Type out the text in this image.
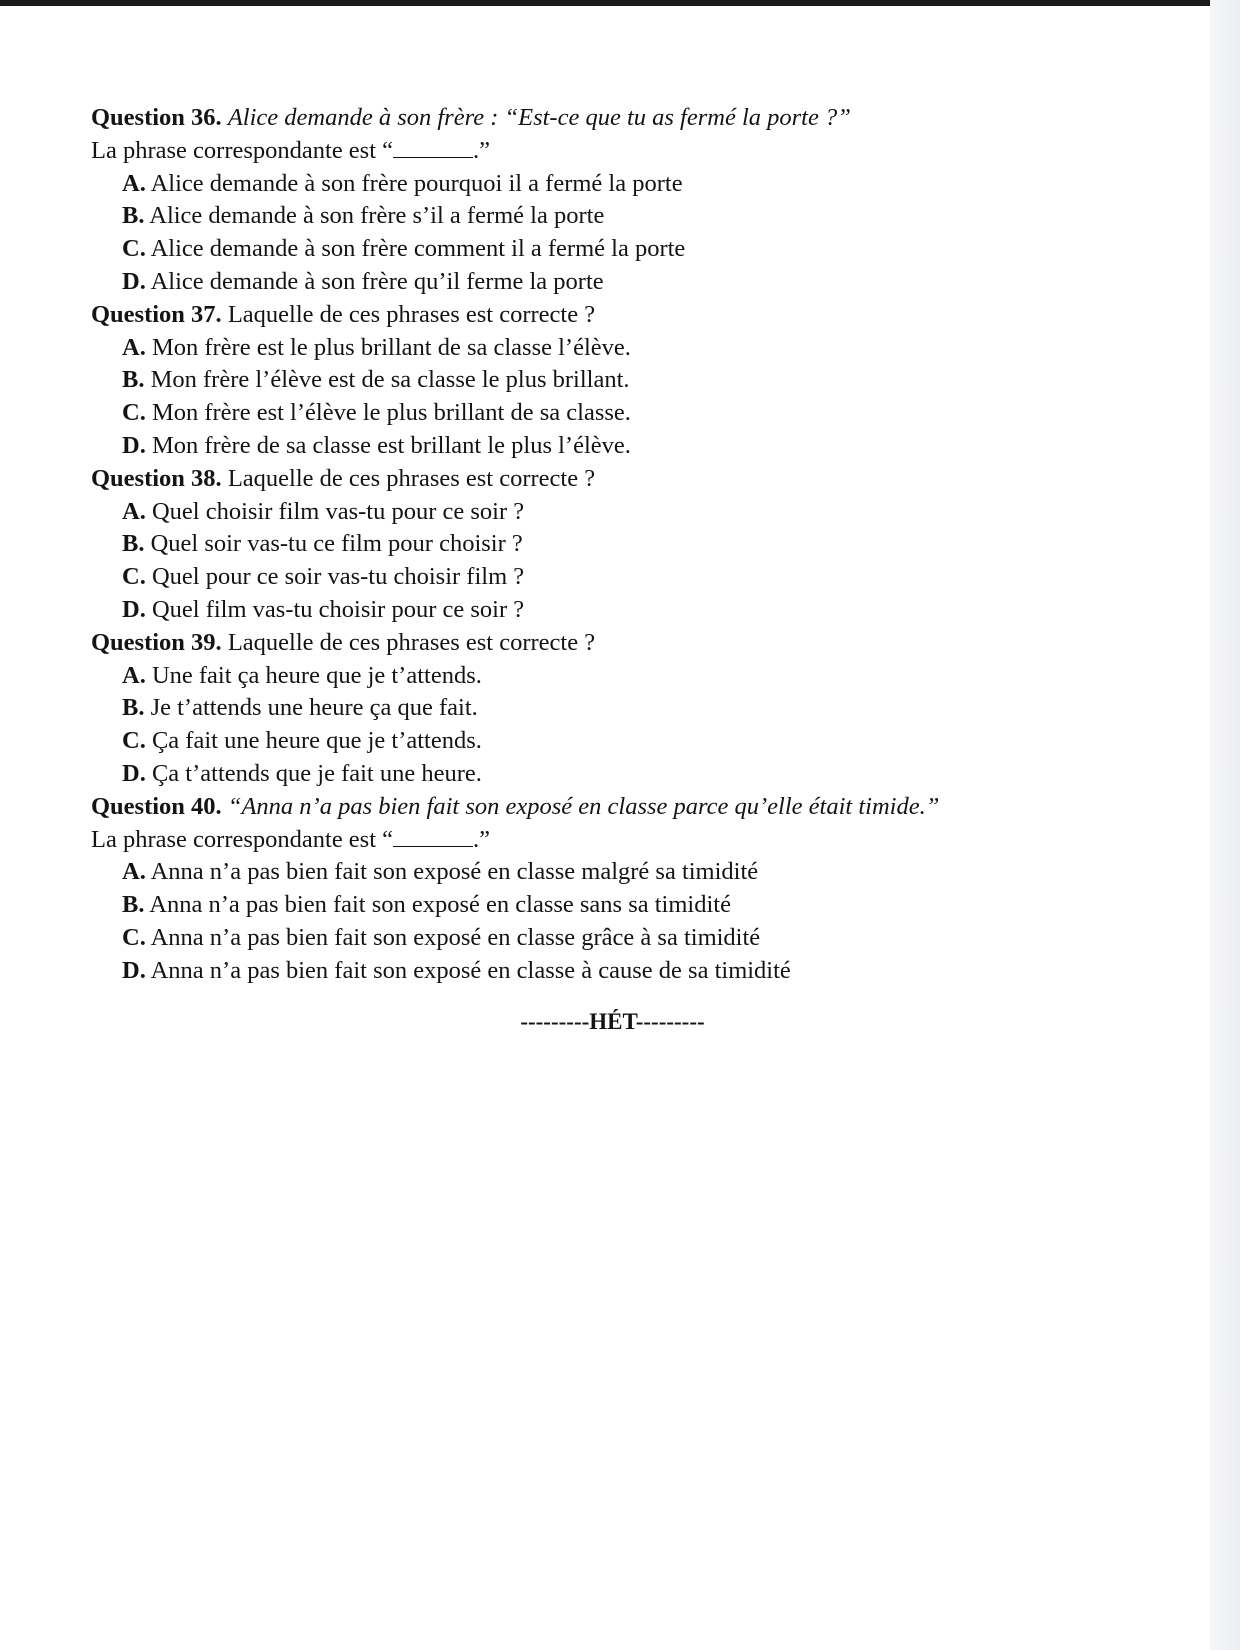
Question 36. Alice demande à son frère : “Est-ce que tu as fermé la porte ?”
La phrase correspondante est “	.”
A. Alice demande à son frère pourquoi il a fermé la porte
B. Alice demande à son frère s’il a fermé la porte
C. Alice demande à son frère comment il a fermé la porte
D. Alice demande à son frère qu’il ferme la porte
Question 37. Laquelle de ces phrases est correcte ?
A. Mon frère est le plus brillant de sa classe l’élève.
B. Mon frère l’élève est de sa classe le plus brillant.
C. Mon frère est l’élève le plus brillant de sa classe.
D. Mon frère de sa classe est brillant le plus l’élève.
Question 38. Laquelle de ces phrases est correcte ?
A. Quel choisir film vas-tu pour ce soir ?
B. Quel soir vas-tu ce film pour choisir ?
C. Quel pour ce soir vas-tu choisir film ?
D. Quel film vas-tu choisir pour ce soir ?
Question 39. Laquelle de ces phrases est correcte ?
A. Une fait ça heure que je t’attends.
B. Je t’attends une heure ça que fait.
C. Ça fait une heure que je t’attends.
D. Ça t’attends que je fait une heure.
Question 40. “Anna n’a pas bien fait son exposé en classe parce qu’elle était timide.”
La phrase correspondante est “	.”
A. Anna n’a pas bien fait son exposé en classe malgré sa timidité
B. Anna n’a pas bien fait son exposé en classe sans sa timidité
C. Anna n’a pas bien fait son exposé en classe grâce à sa timidité
D. Anna n’a pas bien fait son exposé en classe à cause de sa timidité
---------HÉT---------
